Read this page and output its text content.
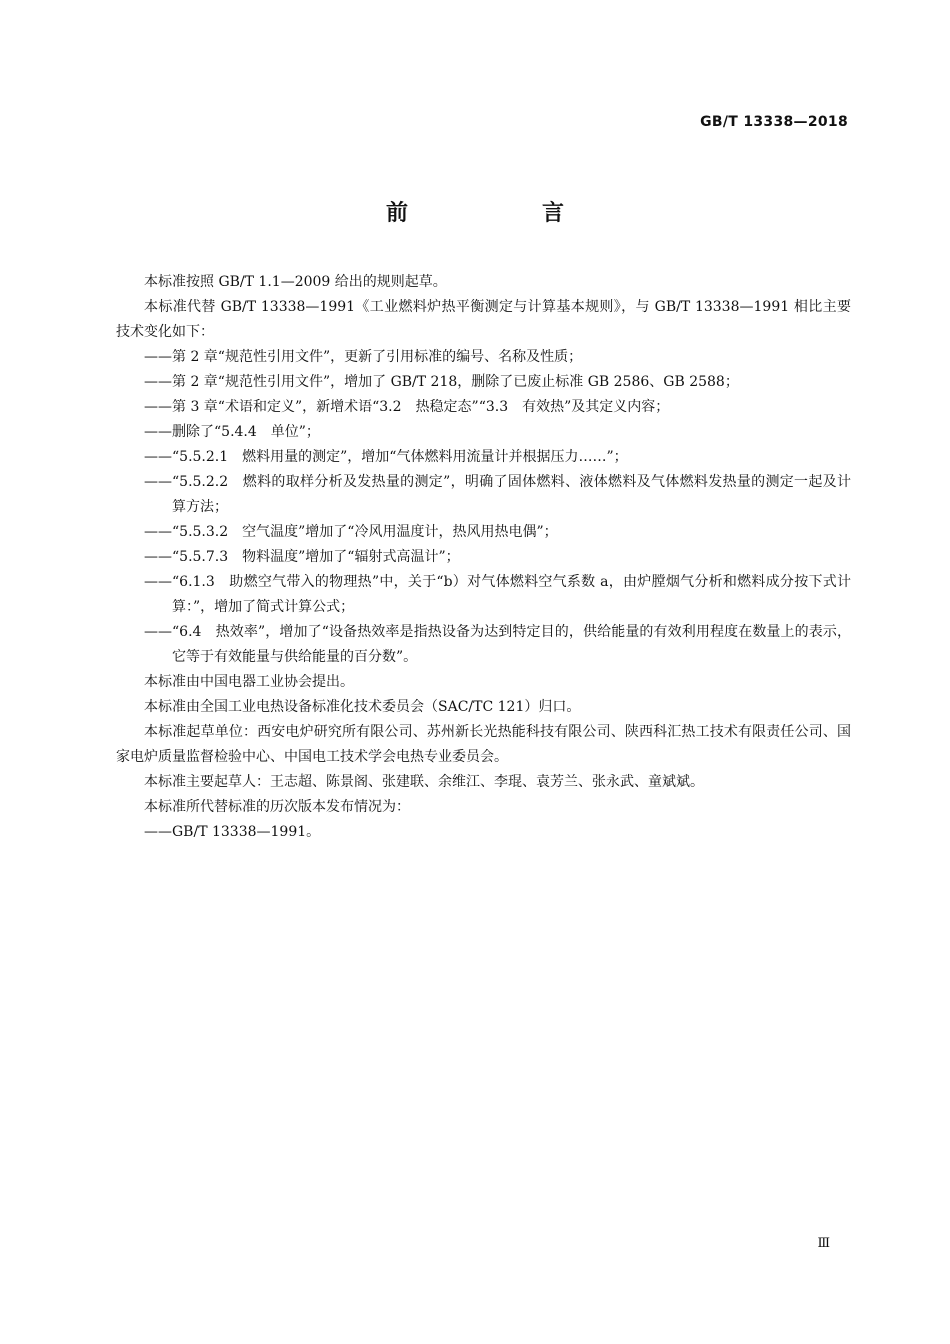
GB/T 13338—2018
前　言

本标准按照 GB/T 1.1—2009 给出的规则起草。

本标准代替 GB/T 13338—1991《工业燃料炉热平衡测定与计算基本规则》，与 GB/T 13338—1991 相比主要技术变化如下：

——第 2 章“规范性引用文件”，更新了引用标准的编号、名称及性质；

——第 2 章“规范性引用文件”，增加了 GB/T 218，删除了已废止标准 GB 2586、GB 2588；

——第 3 章“术语和定义”，新增术语“3.2　热稳定态”“3.3　有效热”及其定义内容；

——删除了“5.4.4　单位”；

——“5.5.2.1　燃料用量的测定”，增加“气体燃料用流量计并根据压力……”；

——“5.5.2.2　燃料的取样分析及发热量的测定”，明确了固体燃料、液体燃料及气体燃料发热量的测定一起及计算方法；

——“5.5.3.2　空气温度”增加了“冷风用温度计，热风用热电偶”；

——“5.5.7.3　物料温度”增加了“辐射式高温计”；

——“6.1.3　助燃空气带入的物理热”中，关于“b）对气体燃料空气系数 a，由炉膛烟气分析和燃料成分按下式计算：”，增加了简式计算公式；

——“6.4　热效率”，增加了“设备热效率是指热设备为达到特定目的，供给能量的有效利用程度在数量上的表示，它等于有效能量与供给能量的百分数”。

本标准由中国电器工业协会提出。

本标准由全国工业电热设备标准化技术委员会（SAC/TC 121）归口。

本标准起草单位：西安电炉研究所有限公司、苏州新长光热能科技有限公司、陕西科汇热工技术有限责任公司、国家电炉质量监督检验中心、中国电工技术学会电热专业委员会。

本标准主要起草人：王志超、陈景阁、张建联、余维江、李琨、袁芳兰、张永武、童斌斌。

本标准所代替标准的历次版本发布情况为：

——GB/T 13338—1991。

Ⅲ
